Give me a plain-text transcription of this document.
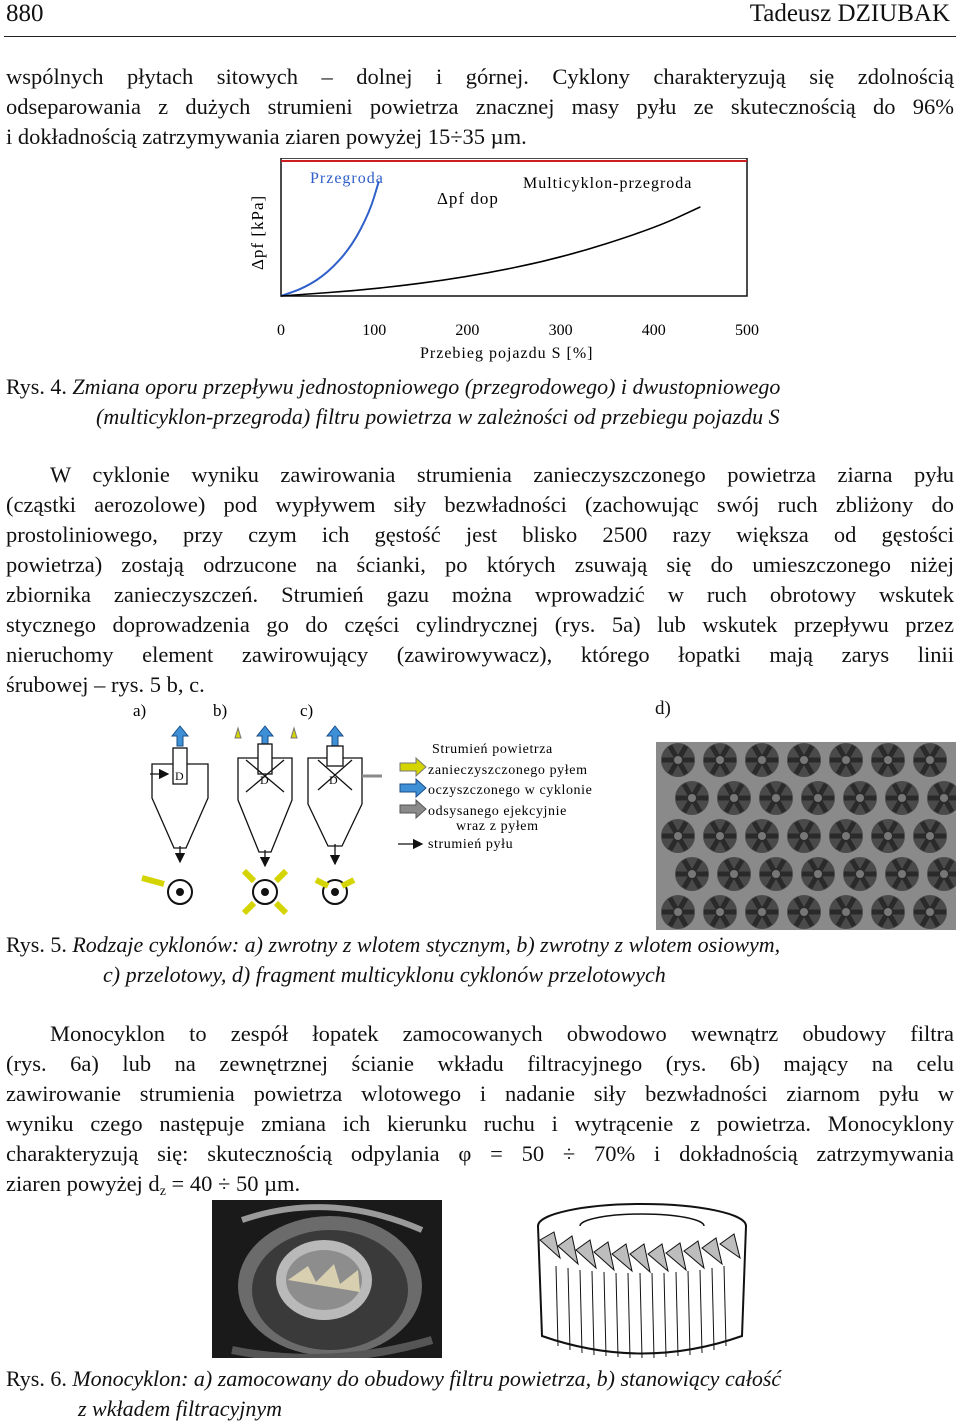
880	Tadeusz DZIUBAK
wspólnych płytach sitowych – dolnej i górnej. Cyklony charakteryzują się zdolnością
odseparowania z dużych strumieni powietrza znacznej masy pyłu ze skutecznością do 96%
i dokładnością zatrzymywania ziaren powyżej 15÷35 µm.
0	100	200	300	400	500
Przebieg pojazdu S [%]
Δpf [kPa]
Przegroda	Multicyklon-przegroda
Δpf dop
Rys. 4. Zmiana oporu przepływu jednostopniowego (przegrodowego) i dwustopniowego
(multicyklon-przegroda) filtru powietrza w zależności od przebiegu pojazdu S
W cyklonie wyniku zawirowania strumienia zanieczyszczonego powietrza ziarna pyłu
(cząstki aerozolowe) pod wypływem siły bezwładności (zachowując swój ruch zbliżony do
prostoliniowego, przy czym ich gęstość jest blisko 2500 razy większa od gęstości
powietrza) zostają odrzucone na ścianki, po których zsuwają się do umieszczonego niżej
zbiornika zanieczyszczeń. Strumień gazu można wprowadzić w ruch obrotowy wskutek
stycznego doprowadzenia go do części cylindrycznej (rys. 5a) lub wskutek przepływu przez
nieruchomy element zawirowujący (zawirowywacz), którego łopatki mają zarys linii
śrubowej – rys. 5 b, c.
a)	b)	c)
D	D	D
Strumień powietrza
zanieczyszczonego pyłem
oczyszczonego w cyklonie
odsysanego ejekcyjnie
wraz z pyłem
strumień pyłu
d)
Rys. 5. Rodzaje cyklonów: a) zwrotny z wlotem stycznym, b) zwrotny z wlotem osiowym,
c) przelotowy, d) fragment multicyklonu cyklonów przelotowych
Monocyklon to zespół łopatek zamocowanych obwodowo wewnątrz obudowy filtra
(rys. 6a) lub na zewnętrznej ścianie wkładu filtracyjnego (rys. 6b) mający na celu
zawirowanie strumienia powietrza wlotowego i nadanie siły bezwładności ziarnom pyłu w
wyniku czego następuje zmiana ich kierunku ruchu i wytrącenie z powietrza. Monocyklony
charakteryzują się: skutecznością odpylania φ = 50 ÷ 70% i dokładnością zatrzymywania
ziaren powyżej $d_z = 40 \div 50$ µm.
Rys. 6. Monocyklon: a) zamocowany do obudowy filtru powietrza, b) stanowiący całość
z wkładem filtracyjnym
